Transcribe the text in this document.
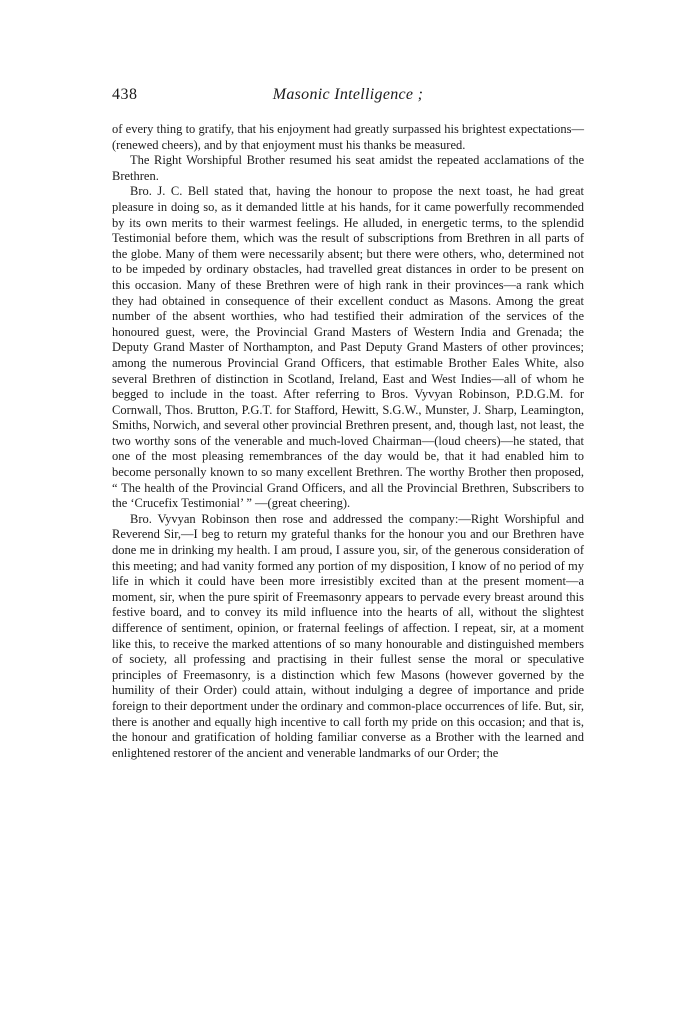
438	Masonic Intelligence ;

of every thing to gratify, that his enjoyment had greatly surpassed his brightest expectations—(renewed cheers), and by that enjoyment must his thanks be measured.

The Right Worshipful Brother resumed his seat amidst the repeated acclamations of the Brethren.

Bro. J. C. Bell stated that, having the honour to propose the next toast, he had great pleasure in doing so, as it demanded little at his hands, for it came powerfully recommended by its own merits to their warmest feelings. He alluded, in energetic terms, to the splendid Testimonial before them, which was the result of subscriptions from Brethren in all parts of the globe. Many of them were necessarily absent; but there were others, who, determined not to be impeded by ordinary obstacles, had travelled great distances in order to be present on this occasion. Many of these Brethren were of high rank in their provinces—a rank which they had obtained in consequence of their excellent conduct as Masons. Among the great number of the absent worthies, who had testified their admiration of the services of the honoured guest, were, the Provincial Grand Masters of Western India and Grenada; the Deputy Grand Master of Northampton, and Past Deputy Grand Masters of other provinces; among the numerous Provincial Grand Officers, that estimable Brother Eales White, also several Brethren of distinction in Scotland, Ireland, East and West Indies—all of whom he begged to include in the toast. After referring to Bros. Vyvyan Robinson, P.D.G.M. for Cornwall, Thos. Brutton, P.G.T. for Stafford, Hewitt, S.G.W., Munster, J. Sharp, Leamington, Smiths, Norwich, and several other provincial Brethren present, and, though last, not least, the two worthy sons of the venerable and much-loved Chairman—(loud cheers)—he stated, that one of the most pleasing remembrances of the day would be, that it had enabled him to become personally known to so many excellent Brethren. The worthy Brother then proposed, “ The health of the Provincial Grand Officers, and all the Provincial Brethren, Subscribers to the ‘Crucefix Testimonial’ ” —(great cheering).

Bro. Vyvyan Robinson then rose and addressed the company:—Right Worshipful and Reverend Sir,—I beg to return my grateful thanks for the honour you and our Brethren have done me in drinking my health. I am proud, I assure you, sir, of the generous consideration of this meeting; and had vanity formed any portion of my disposition, I know of no period of my life in which it could have been more irresistibly excited than at the present moment—a moment, sir, when the pure spirit of Freemasonry appears to pervade every breast around this festive board, and to convey its mild influence into the hearts of all, without the slightest difference of sentiment, opinion, or fraternal feelings of affection. I repeat, sir, at a moment like this, to receive the marked attentions of so many honourable and distinguished members of society, all professing and practising in their fullest sense the moral or speculative principles of Freemasonry, is a distinction which few Masons (however governed by the humility of their Order) could attain, without indulging a degree of importance and pride foreign to their deportment under the ordinary and common-place occurrences of life. But, sir, there is another and equally high incentive to call forth my pride on this occasion; and that is, the honour and gratification of holding familiar converse as a Brother with the learned and enlightened restorer of the ancient and venerable landmarks of our Order; the
